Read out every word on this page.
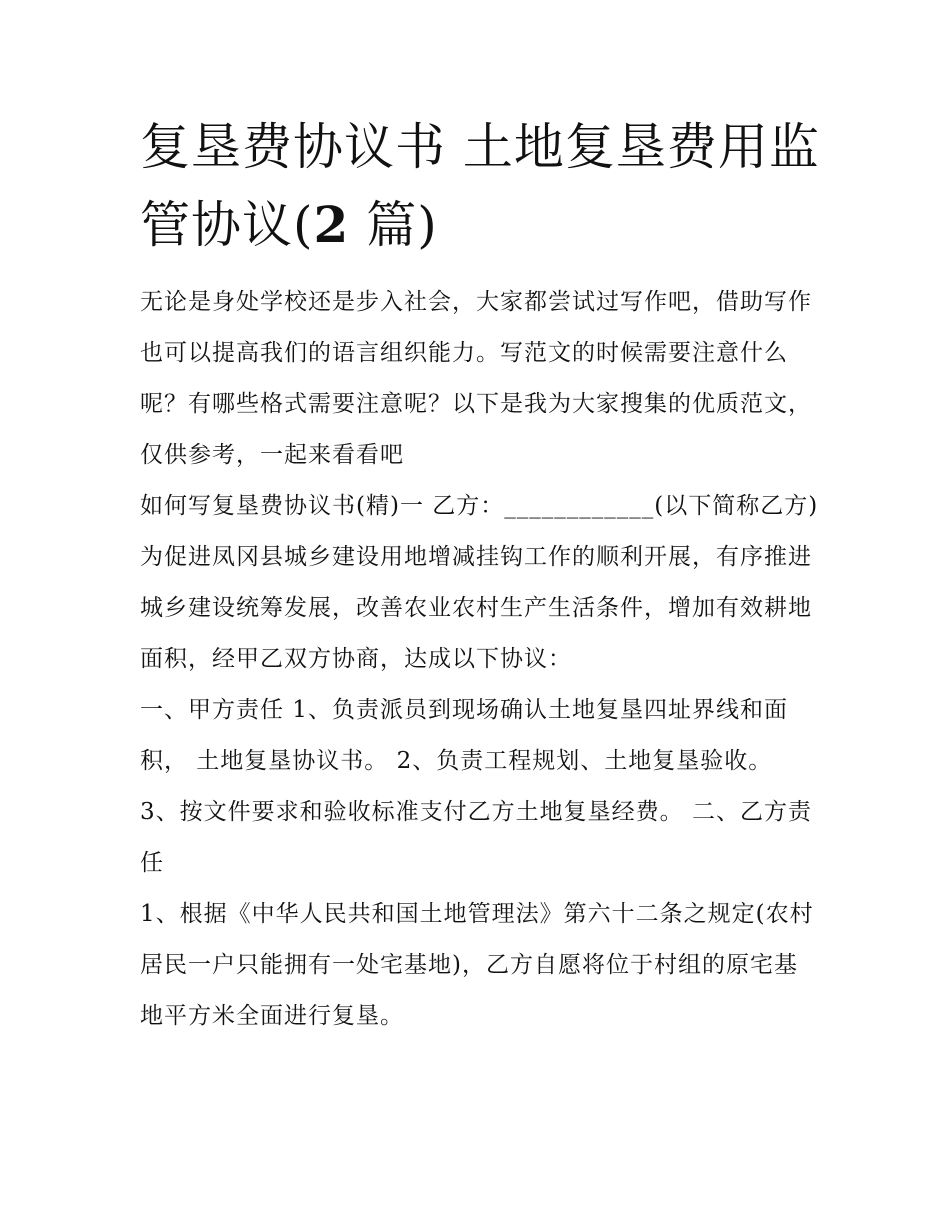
复垦费协议书 土地复垦费用监管协议(2 篇)

无论是身处学校还是步入社会，大家都尝试过写作吧，借助写作也可以提高我们的语言组织能力。写范文的时候需要注意什么呢？有哪些格式需要注意呢？以下是我为大家搜集的优质范文，仅供参考，一起来看看吧

如何写复垦费协议书(精)一 乙方：____________(以下简称乙方)

为促进凤冈县城乡建设用地增减挂钩工作的顺利开展，有序推进城乡建设统筹发展，改善农业农村生产生活条件，增加有效耕地面积，经甲乙双方协商，达成以下协议：

一、甲方责任 1、负责派员到现场确认土地复垦四址界线和面积， 土地复垦协议书。 2、负责工程规划、土地复垦验收。 3、按文件要求和验收标准支付乙方土地复垦经费。 二、乙方责任

1、根据《中华人民共和国土地管理法》第六十二条之规定(农村居民一户只能拥有一处宅基地)，乙方自愿将位于村组的原宅基地平方米全面进行复垦。
